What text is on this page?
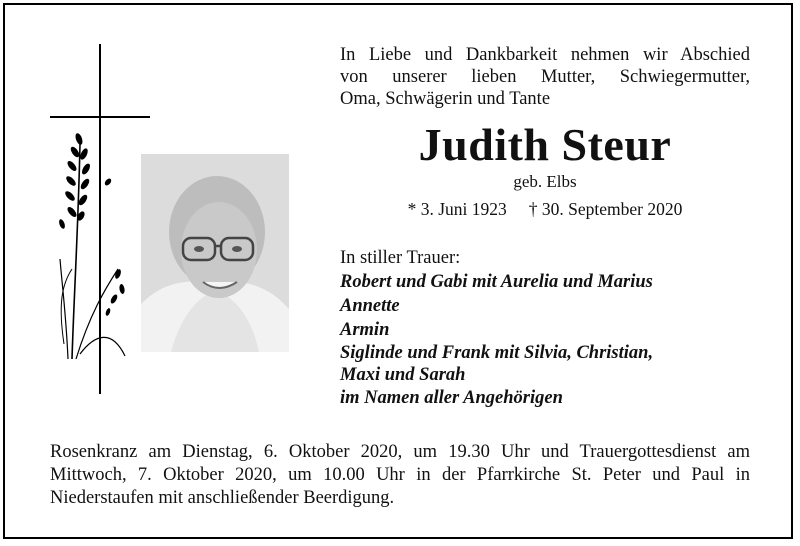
In Liebe und Dankbarkeit nehmen wir Abschied
von unserer lieben Mutter, Schwiegermutter,
Oma, Schwägerin und Tante
Judith Steur
geb. Elbs
* 3. Juni 1923 † 30. September 2020
In stiller Trauer:
Robert und Gabi mit Aurelia und Marius
Annette
Armin
Siglinde und Frank mit Silvia, Christian,
Maxi und Sarah
im Namen aller Angehörigen
Rosenkranz am Dienstag, 6. Oktober 2020, um 19.30 Uhr und Trauergottesdienst am
Mittwoch, 7. Oktober 2020, um 10.00 Uhr in der Pfarrkirche St. Peter und Paul in
Niederstaufen mit anschließender Beerdigung.
